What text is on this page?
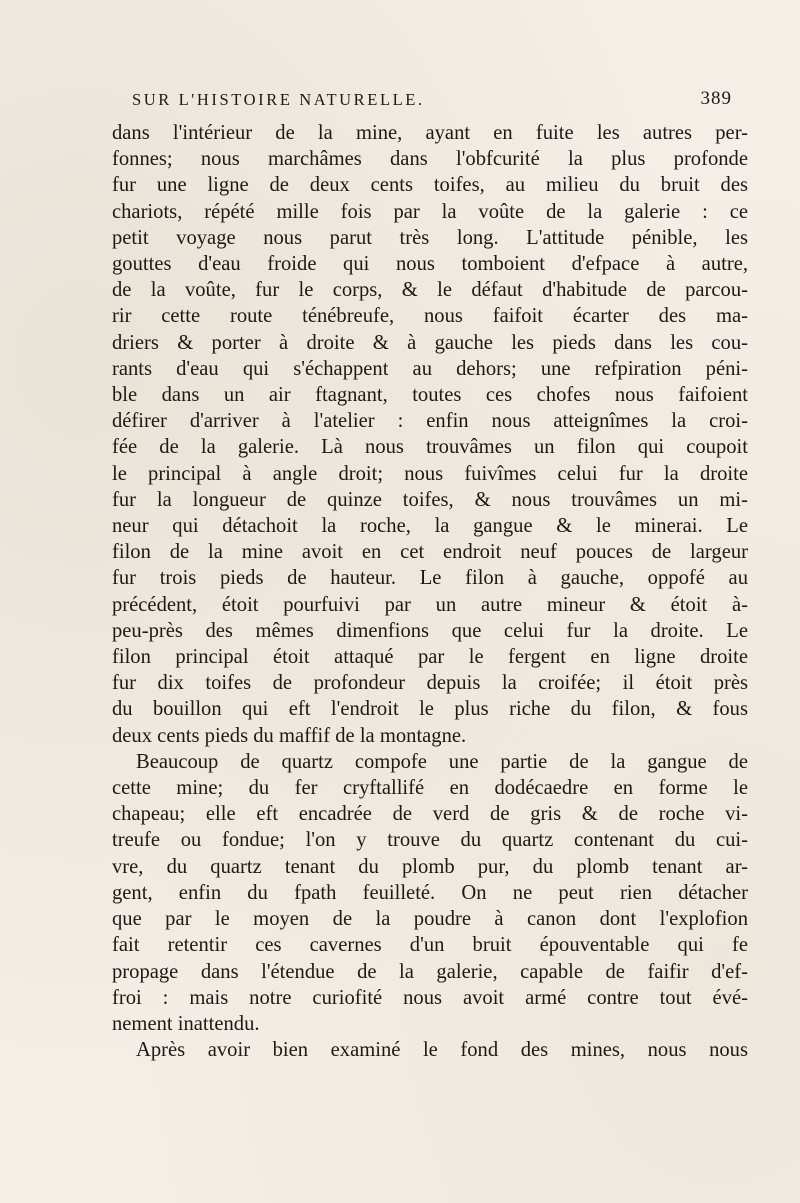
SUR L'HISTOIRE NATURELLE.	389

dans l'intérieur de la mine, ayant en fuite les autres per-
fonnes; nous marchâmes dans l'obfcurité la plus profonde
fur une ligne de deux cents toifes, au milieu du bruit des
chariots, répété mille fois par la voûte de la galerie : ce
petit voyage nous parut très long. L'attitude pénible, les
gouttes d'eau froide qui nous tomboient d'efpace à autre,
de la voûte, fur le corps, & le défaut d'habitude de parcou-
rir cette route ténébreufe, nous faifoit écarter des ma-
driers & porter à droite & à gauche les pieds dans les cou-
rants d'eau qui s'échappent au dehors; une refpiration péni-
ble dans un air ftagnant, toutes ces chofes nous faifoient
défirer d'arriver à l'atelier : enfin nous atteignîmes la croi-
fée de la galerie. Là nous trouvâmes un filon qui coupoit
le principal à angle droit; nous fuivîmes celui fur la droite
fur la longueur de quinze toifes, & nous trouvâmes un mi-
neur qui détachoit la roche, la gangue & le minerai. Le
filon de la mine avoit en cet endroit neuf pouces de largeur
fur trois pieds de hauteur. Le filon à gauche, oppofé au
précédent, étoit pourfuivi par un autre mineur & étoit à-
peu-près des mêmes dimenfions que celui fur la droite. Le
filon principal étoit attaqué par le fergent en ligne droite
fur dix toifes de profondeur depuis la croifée; il étoit près
du bouillon qui eft l'endroit le plus riche du filon, & fous
deux cents pieds du maffif de la montagne.

Beaucoup de quartz compofe une partie de la gangue de
cette mine; du fer cryftallifé en dodécaedre en forme le
chapeau; elle eft encadrée de verd de gris & de roche vi-
treufe ou fondue; l'on y trouve du quartz contenant du cui-
vre, du quartz tenant du plomb pur, du plomb tenant ar-
gent, enfin du fpath feuilleté. On ne peut rien détacher
que par le moyen de la poudre à canon dont l'explofion
fait retentir ces cavernes d'un bruit épouventable qui fe
propage dans l'étendue de la galerie, capable de faifir d'ef-
froi : mais notre curiofité nous avoit armé contre tout évé-
nement inattendu.

Après avoir bien examiné le fond des mines, nous nous
